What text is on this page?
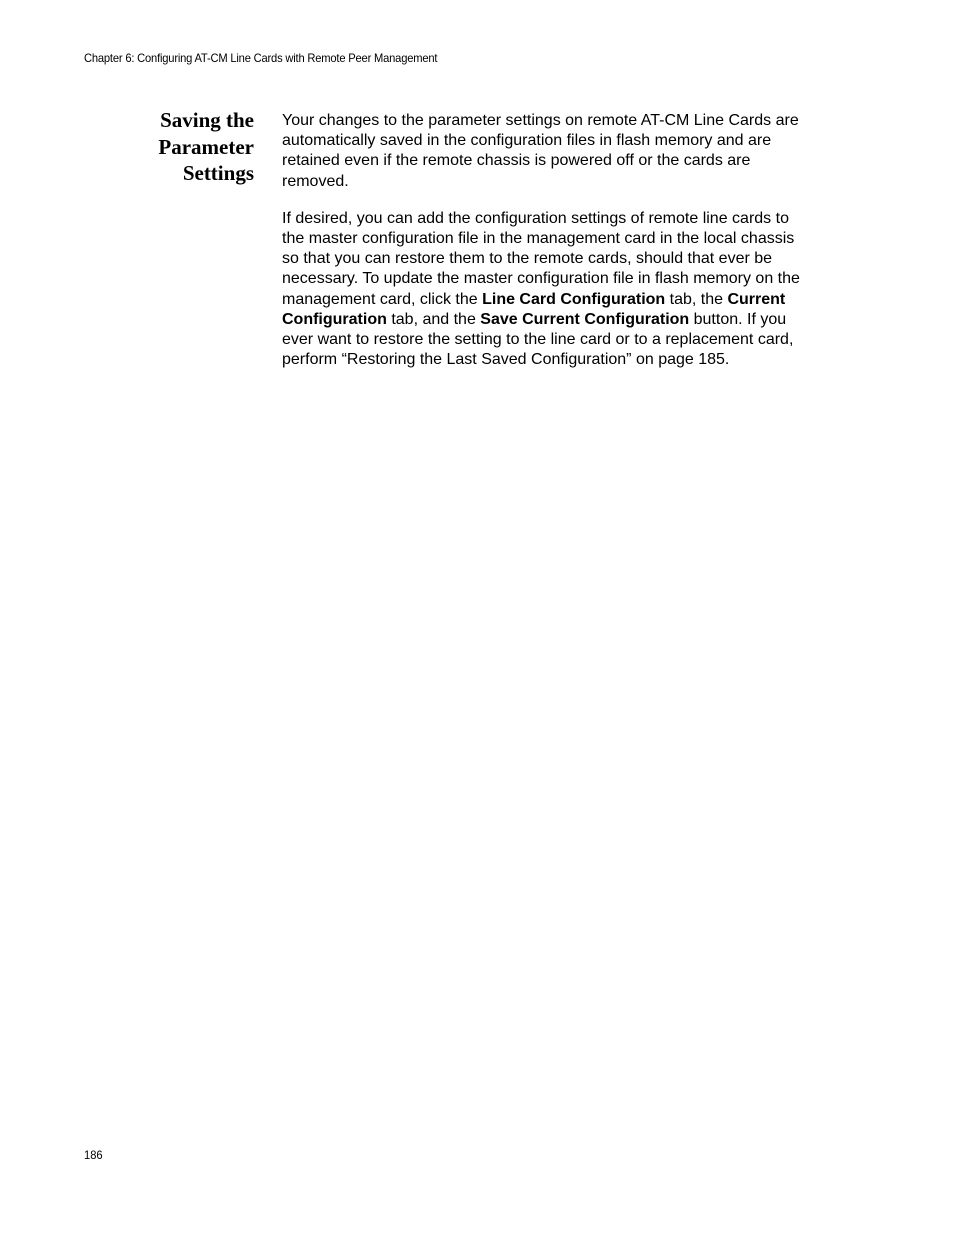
Chapter 6: Configuring AT-CM Line Cards with Remote Peer Management
Saving the
Parameter
Settings

Your changes to the parameter settings on remote AT-CM Line Cards are
automatically saved in the configuration files in flash memory and are
retained even if the remote chassis is powered off or the cards are
removed.

If desired, you can add the configuration settings of remote line cards to
the master configuration file in the management card in the local chassis
so that you can restore them to the remote cards, should that ever be
necessary. To update the master configuration file in flash memory on the
management card, click the Line Card Configuration tab, the Current
Configuration tab, and the Save Current Configuration button. If you
ever want to restore the setting to the line card or to a replacement card,
perform “Restoring the Last Saved Configuration” on page 185.

186
